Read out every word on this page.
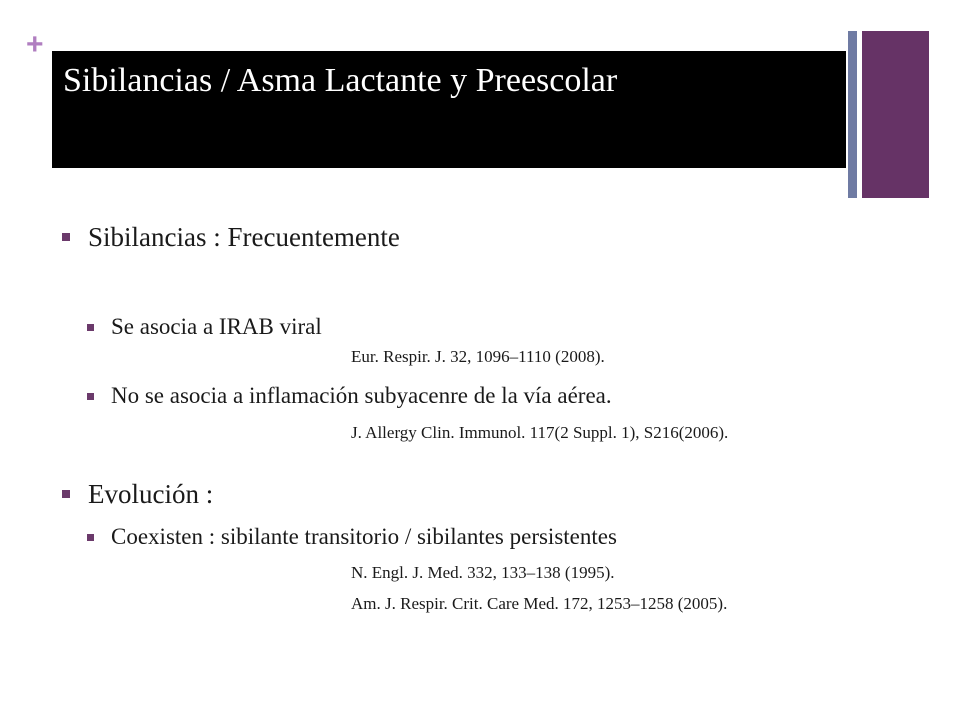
+
Sibilancias / Asma Lactante y Preescolar
Sibilancias : Frecuentemente
Se asocia a IRAB viral
Eur. Respir. J. 32, 1096–1110 (2008).
No se asocia a inflamación subyacenre de la vía aérea.
J. Allergy Clin. Immunol. 117(2 Suppl. 1), S216(2006).
Evolución :
Coexisten : sibilante transitorio / sibilantes persistentes
N. Engl. J. Med. 332, 133–138 (1995).
Am. J. Respir. Crit. Care Med. 172, 1253–1258 (2005).
